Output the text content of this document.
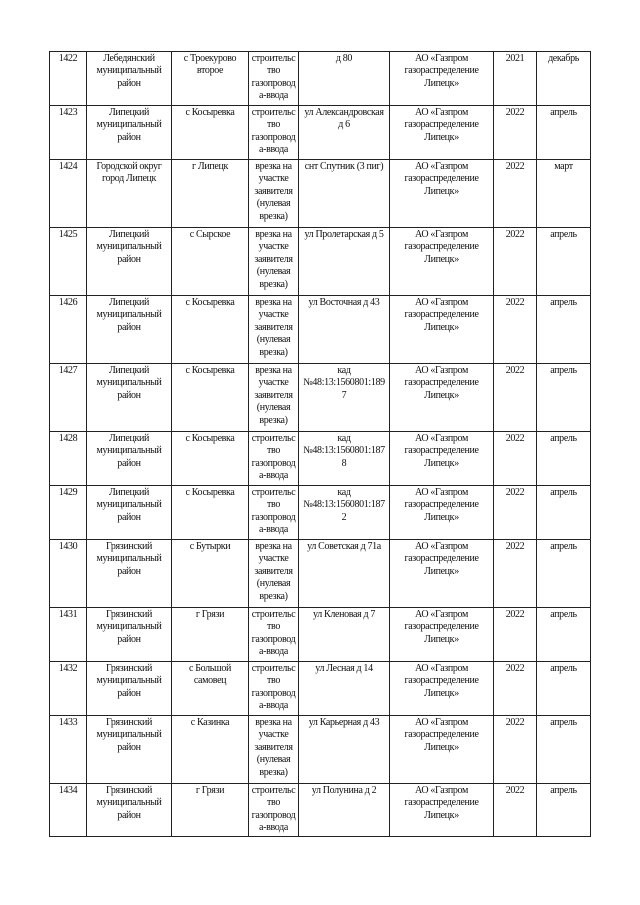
1422	Лебедянский муниципальный район	с Троекурово второе	строительство газопровода-ввода	д 80	АО «Газпром газораспределение Липецк»	2021	декабрь
1423	Липецкий муниципальный район	с Косыревка	строительство газопровода-ввода	ул Александровская д 6	АО «Газпром газораспределение Липецк»	2022	апрель
1424	Городской округ город Липецк	г Липецк	врезка на участке заявителя (нулевая врезка)	снт Спутник (3 пиг)	АО «Газпром газораспределение Липецк»	2022	март
1425	Липецкий муниципальный район	с Сырское	врезка на участке заявителя (нулевая врезка)	ул Пролетарская д 5	АО «Газпром газораспределение Липецк»	2022	апрель
1426	Липецкий муниципальный район	с Косыревка	врезка на участке заявителя (нулевая врезка)	ул Восточная д 43	АО «Газпром газораспределение Липецк»	2022	апрель
1427	Липецкий муниципальный район	с Косыревка	врезка на участке заявителя (нулевая врезка)	кад №48:13:1560801:1897	АО «Газпром газораспределение Липецк»	2022	апрель
1428	Липецкий муниципальный район	с Косыревка	строительство газопровода-ввода	кад №48:13:1560801:1878	АО «Газпром газораспределение Липецк»	2022	апрель
1429	Липецкий муниципальный район	с Косыревка	строительство газопровода-ввода	кад №48:13:1560801:1872	АО «Газпром газораспределение Липецк»	2022	апрель
1430	Грязинский муниципальный район	с Бутырки	врезка на участке заявителя (нулевая врезка)	ул Советская д 71а	АО «Газпром газораспределение Липецк»	2022	апрель
1431	Грязинский муниципальный район	г Грязи	строительство газопровода-ввода	ул Кленовая д 7	АО «Газпром газораспределение Липецк»	2022	апрель
1432	Грязинский муниципальный район	с Большой самовец	строительство газопровода-ввода	ул Лесная д 14	АО «Газпром газораспределение Липецк»	2022	апрель
1433	Грязинский муниципальный район	с Казинка	врезка на участке заявителя (нулевая врезка)	ул Карьерная д 43	АО «Газпром газораспределение Липецк»	2022	апрель
1434	Грязинский муниципальный район	г Грязи	строительство газопровода-ввода	ул Полунина д 2	АО «Газпром газораспределение Липецк»	2022	апрель
